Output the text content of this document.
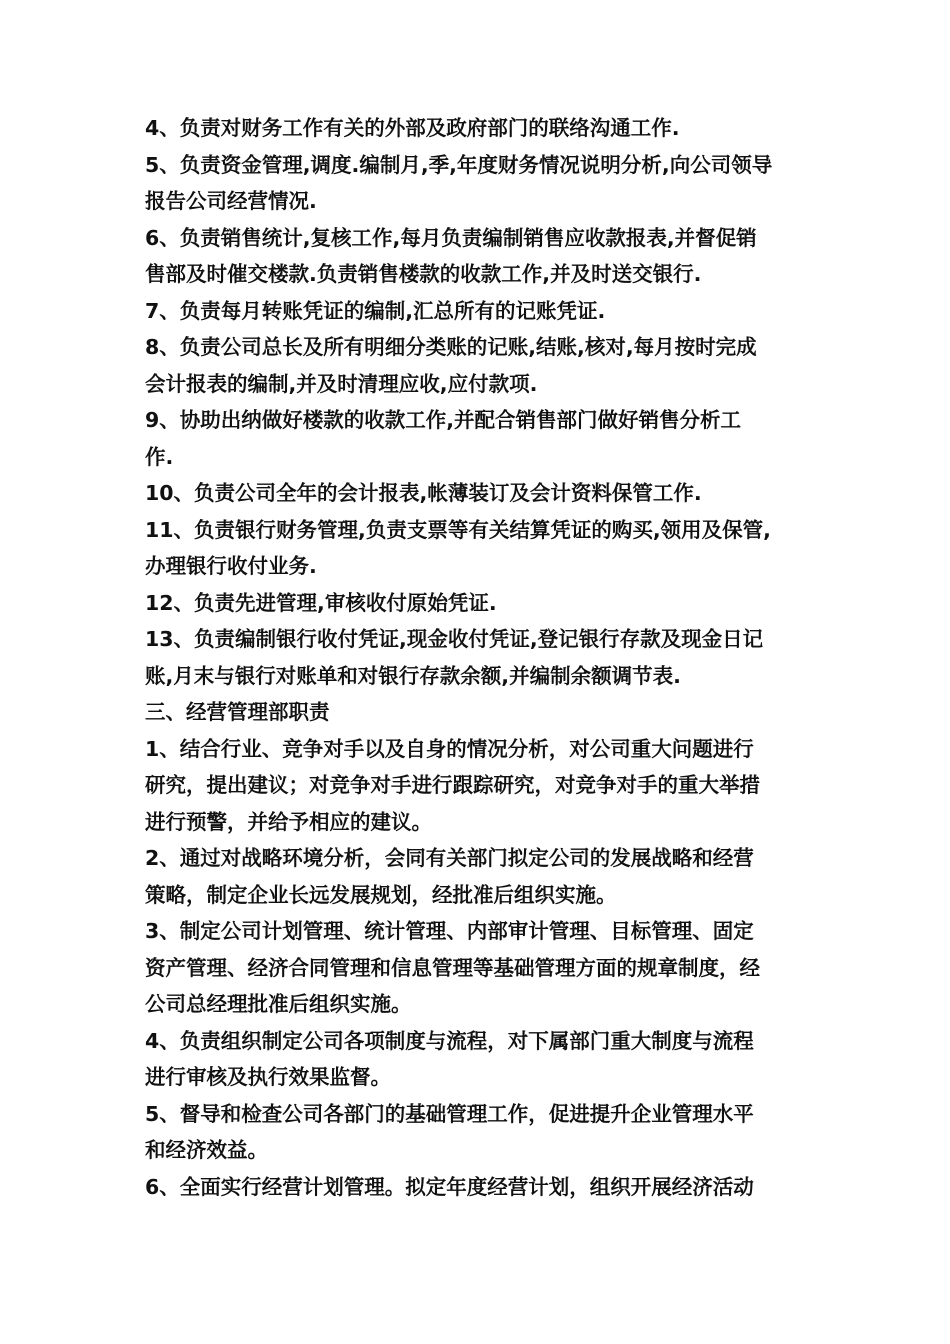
4、负责对财务工作有关的外部及政府部门的联络沟通工作.

5、负责资金管理,调度.编制月,季,年度财务情况说明分析,向公司领导
报告公司经营情况.

6、负责销售统计,复核工作,每月负责编制销售应收款报表,并督促销
售部及时催交楼款.负责销售楼款的收款工作,并及时送交银行.

7、负责每月转账凭证的编制,汇总所有的记账凭证.

8、负责公司总长及所有明细分类账的记账,结账,核对,每月按时完成
会计报表的编制,并及时清理应收,应付款项.

9、协助出纳做好楼款的收款工作,并配合销售部门做好销售分析工
作.

10、负责公司全年的会计报表,帐薄装订及会计资料保管工作.

11、负责银行财务管理,负责支票等有关结算凭证的购买,领用及保管,
办理银行收付业务.

12、负责先进管理,审核收付原始凭证.

13、负责编制银行收付凭证,现金收付凭证,登记银行存款及现金日记
账,月末与银行对账单和对银行存款余额,并编制余额调节表.

三、经营管理部职责

1、结合行业、竞争对手以及自身的情况分析，对公司重大问题进行
研究，提出建议；对竞争对手进行跟踪研究，对竞争对手的重大举措
进行预警，并给予相应的建议。

2、通过对战略环境分析，会同有关部门拟定公司的发展战略和经营
策略，制定企业长远发展规划，经批准后组织实施。

3、制定公司计划管理、统计管理、内部审计管理、目标管理、固定
资产管理、经济合同管理和信息管理等基础管理方面的规章制度，经
公司总经理批准后组织实施。

4、负责组织制定公司各项制度与流程，对下属部门重大制度与流程
进行审核及执行效果监督。

5、督导和检查公司各部门的基础管理工作，促进提升企业管理水平
和经济效益。

6、全面实行经营计划管理。拟定年度经营计划，组织开展经济活动
